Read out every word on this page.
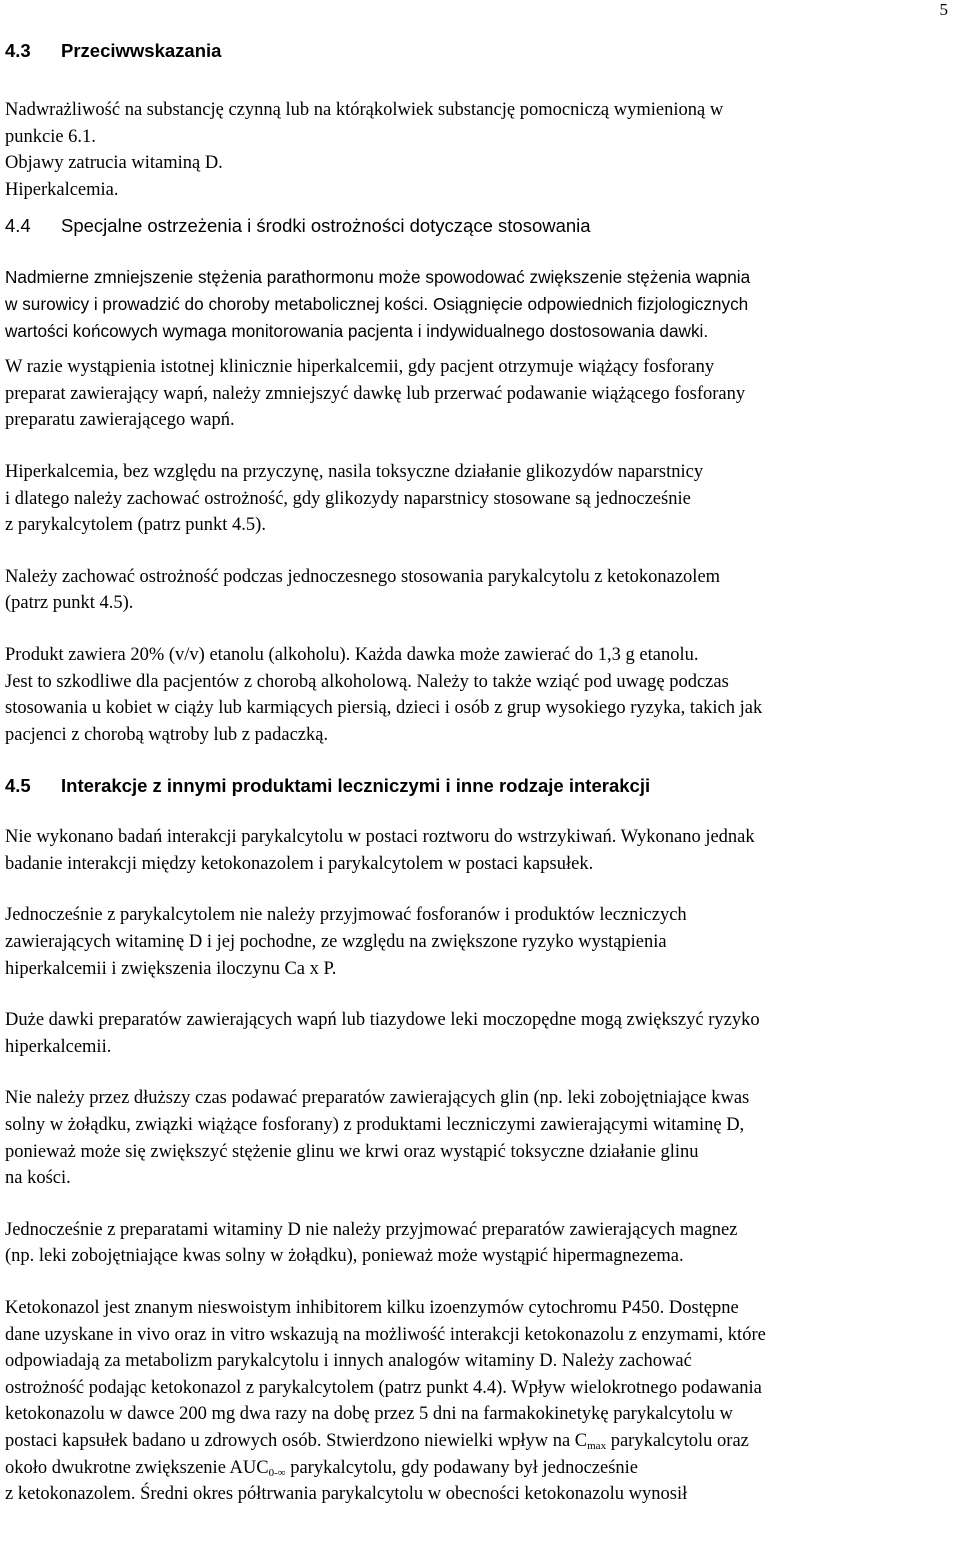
5
4.3 Przeciwwskazania

Nadwrażliwość na substancję czynną lub na którąkolwiek substancję pomocniczą wymienioną w
punkcie 6.1.
Objawy zatrucia witaminą D.
Hiperkalcemia.

4.4 Specjalne ostrzeżenia i środki ostrożności dotyczące stosowania

Nadmierne zmniejszenie stężenia parathormonu może spowodować zwiększenie stężenia wapnia
w surowicy i prowadzić do choroby metabolicznej kości. Osiągnięcie odpowiednich fizjologicznych
wartości końcowych wymaga monitorowania pacjenta i indywidualnego dostosowania dawki.

W razie wystąpienia istotnej klinicznie hiperkalcemii, gdy pacjent otrzymuje wiążący fosforany
preparat zawierający wapń, należy zmniejszyć dawkę lub przerwać podawanie wiążącego fosforany
preparatu zawierającego wapń.

Hiperkalcemia, bez względu na przyczynę, nasila toksyczne działanie glikozydów naparstnicy
i dlatego należy zachować ostrożność, gdy glikozydy naparstnicy stosowane są jednocześnie
z parykalcytolem (patrz punkt 4.5).

Należy zachować ostrożność podczas jednoczesnego stosowania parykalcytolu z ketokonazolem
(patrz punkt 4.5).

Produkt zawiera 20% (v/v) etanolu (alkoholu). Każda dawka może zawierać do 1,3 g etanolu.
Jest to szkodliwe dla pacjentów z chorobą alkoholową. Należy to także wziąć pod uwagę podczas
stosowania u kobiet w ciąży lub karmiących piersią, dzieci i osób z grup wysokiego ryzyka, takich jak
pacjenci z chorobą wątroby lub z padaczką.

4.5 Interakcje z innymi produktami leczniczymi i inne rodzaje interakcji

Nie wykonano badań interakcji parykalcytolu w postaci roztworu do wstrzykiwań. Wykonano jednak
badanie interakcji między ketokonazolem i parykalcytolem w postaci kapsułek.

Jednocześnie z parykalcytolem nie należy przyjmować fosforanów i produktów leczniczych
zawierających witaminę D i jej pochodne, ze względu na zwiększone ryzyko wystąpienia
hiperkalcemii i zwiększenia iloczynu Ca x P.

Duże dawki preparatów zawierających wapń lub tiazydowe leki moczopędne mogą zwiększyć ryzyko
hiperkalcemii.

Nie należy przez dłuższy czas podawać preparatów zawierających glin (np. leki zobojętniające kwas
solny w żołądku, związki wiążące fosforany) z produktami leczniczymi zawierającymi witaminę D,
ponieważ może się zwiększyć stężenie glinu we krwi oraz wystąpić toksyczne działanie glinu
na kości.

Jednocześnie z preparatami witaminy D nie należy przyjmować preparatów zawierających magnez
(np. leki zobojętniające kwas solny w żołądku), ponieważ może wystąpić hipermagnezema.

Ketokonazol jest znanym nieswoistym inhibitorem kilku izoenzymów cytochromu P450. Dostępne
dane uzyskane in vivo oraz in vitro wskazują na możliwość interakcji ketokonazolu z enzymami, które
odpowiadają za metabolizm parykalcytolu i innych analogów witaminy D. Należy zachować
ostrożność podając ketokonazol z parykalcytolem (patrz punkt 4.4). Wpływ wielokrotnego podawania
ketokonazolu w dawce 200 mg dwa razy na dobę przez 5 dni na farmakokinetykę parykalcytolu w
postaci kapsułek badano u zdrowych osób. Stwierdzono niewielki wpływ na $C_{max}$ parykalcytolu oraz
około dwukrotne zwiększenie $AUC_{0-\infty}$ parykalcytolu, gdy podawany był jednocześnie
z ketokonazolem. Średni okres półtrwania parykalcytolu w obecności ketokonazolu wynosił
